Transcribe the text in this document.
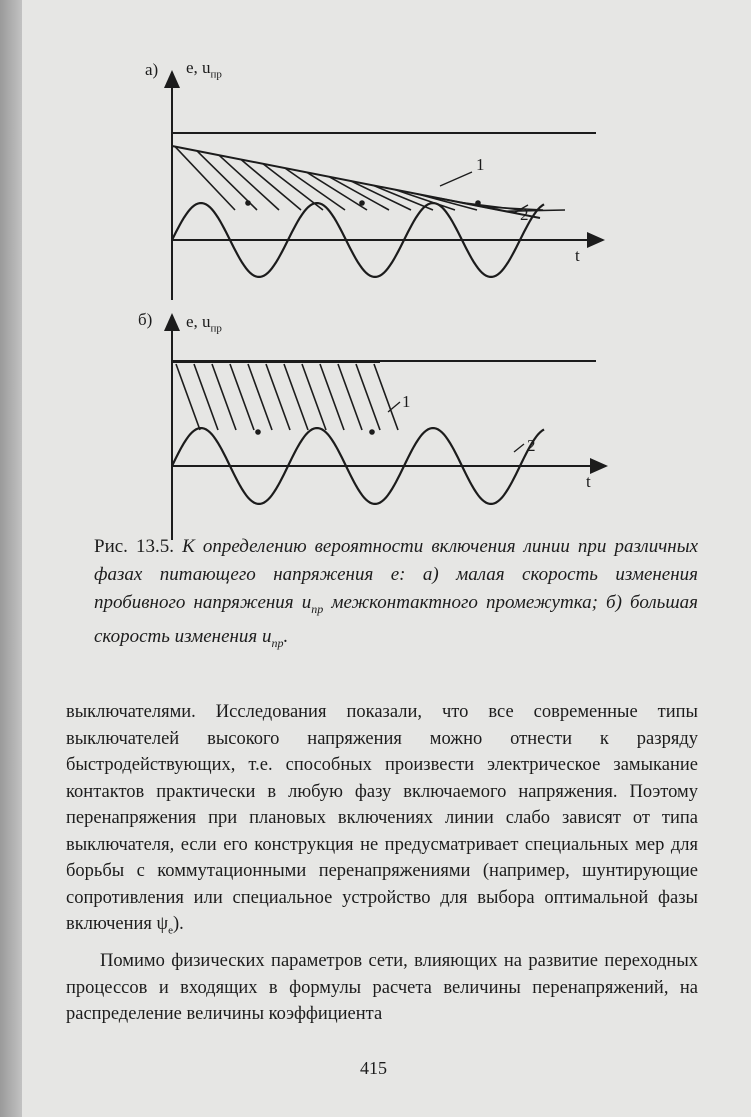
а) e, $u_{пр}$
1
2
t
б) e, $u_{пр}$
1
2
t
Рис. 13.5. К определению вероятности включения линии при различных фазах питающего напряжения e: а) малая скорость изменения пробивного напряжения $u_{пр}$ межконтактного промежутка; б) большая скорость изменения $u_{пр}$.

выключателями. Исследования показали, что все современные типы выключателей высокого напряжения можно отнести к разряду быстродействующих, т.е. способных произвести электрическое замыкание контактов практически в любую фазу включаемого напряжения. Поэтому перенапряжения при плановых включениях линии слабо зависят от типа выключателя, если его конструкция не предусматривает специальных мер для борьбы с коммутационными перенапряжениями (например, шунтирующие сопротивления или специальное устройство для выбора оптимальной фазы включения $\psi_e$).

Помимо физических параметров сети, влияющих на развитие переходных процессов и входящих в формулы расчета величины перенапряжений, на распределение величины коэффициента

415
